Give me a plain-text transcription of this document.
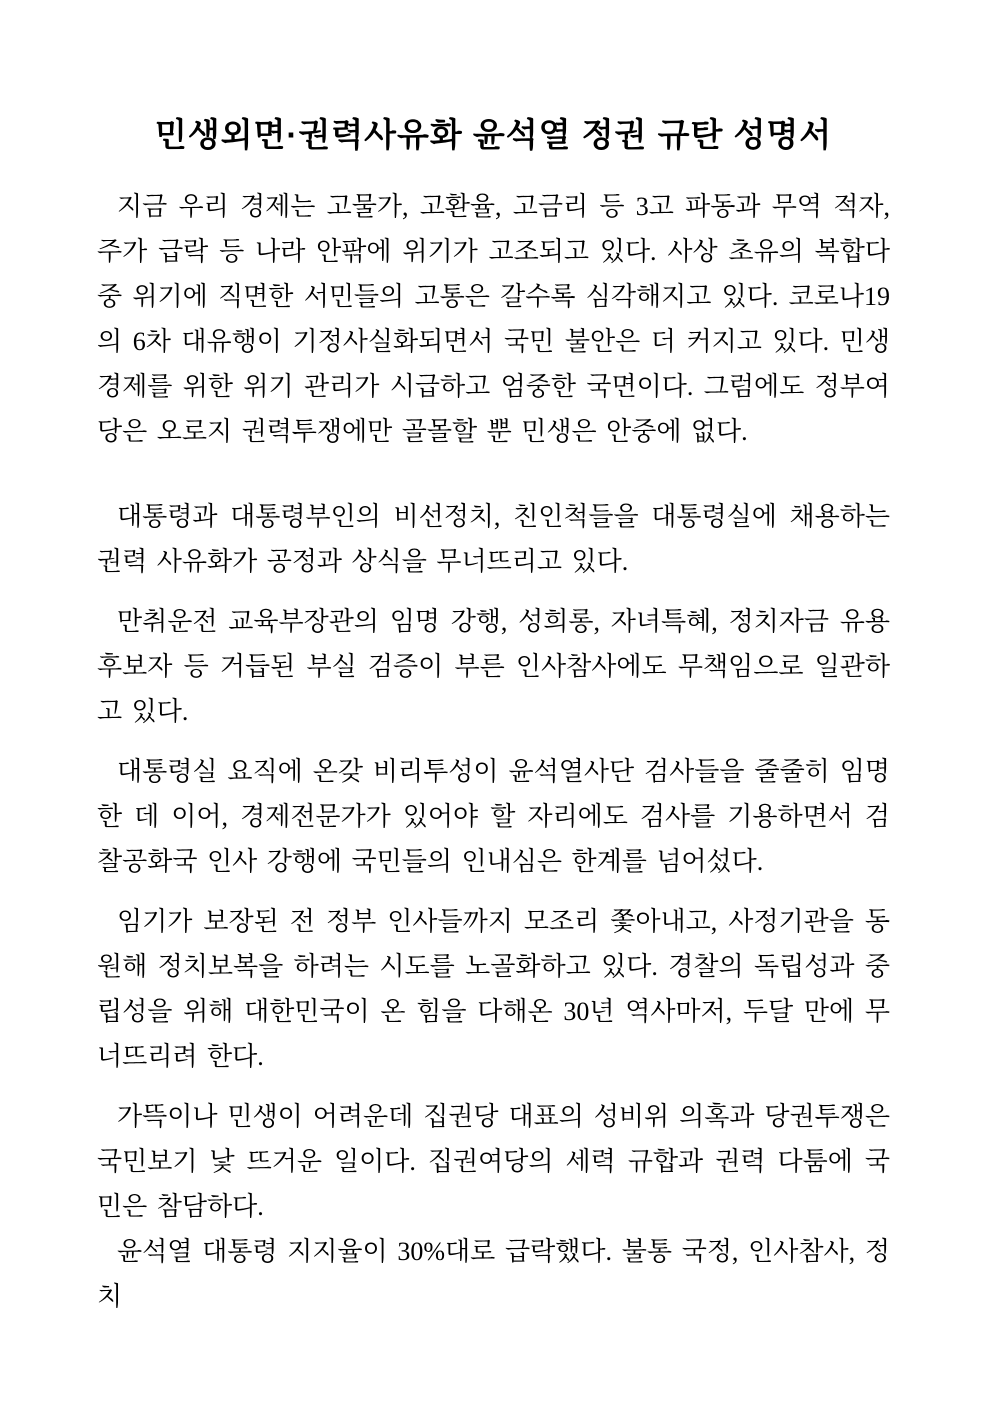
민생외면·권력사유화 윤석열 정권 규탄 성명서

지금 우리 경제는 고물가, 고환율, 고금리 등 3고 파동과 무역 적자, 주가 급락 등 나라 안팎에 위기가 고조되고 있다. 사상 초유의 복합다중 위기에 직면한 서민들의 고통은 갈수록 심각해지고 있다. 코로나19의 6차 대유행이 기정사실화되면서 국민 불안은 더 커지고 있다. 민생경제를 위한 위기 관리가 시급하고 엄중한 국면이다. 그럼에도 정부여당은 오로지 권력투쟁에만 골몰할 뿐 민생은 안중에 없다.

대통령과 대통령부인의 비선정치, 친인척들을 대통령실에 채용하는 권력 사유화가 공정과 상식을 무너뜨리고 있다.

만취운전 교육부장관의 임명 강행, 성희롱, 자녀특혜, 정치자금 유용 후보자 등 거듭된 부실 검증이 부른 인사참사에도 무책임으로 일관하고 있다.

대통령실 요직에 온갖 비리투성이 윤석열사단 검사들을 줄줄히 임명한 데 이어, 경제전문가가 있어야 할 자리에도 검사를 기용하면서 검찰공화국 인사 강행에 국민들의 인내심은 한계를 넘어섰다.

임기가 보장된 전 정부 인사들까지 모조리 쫓아내고, 사정기관을 동원해 정치보복을 하려는 시도를 노골화하고 있다. 경찰의 독립성과 중립성을 위해 대한민국이 온 힘을 다해온 30년 역사마저, 두달 만에 무너뜨리려 한다.

가뜩이나 민생이 어려운데 집권당 대표의 성비위 의혹과 당권투쟁은 국민보기 낯 뜨거운 일이다. 집권여당의 세력 규합과 권력 다툼에 국민은 참담하다.

윤석열 대통령 지지율이 30%대로 급락했다. 불통 국정, 인사참사, 정치
